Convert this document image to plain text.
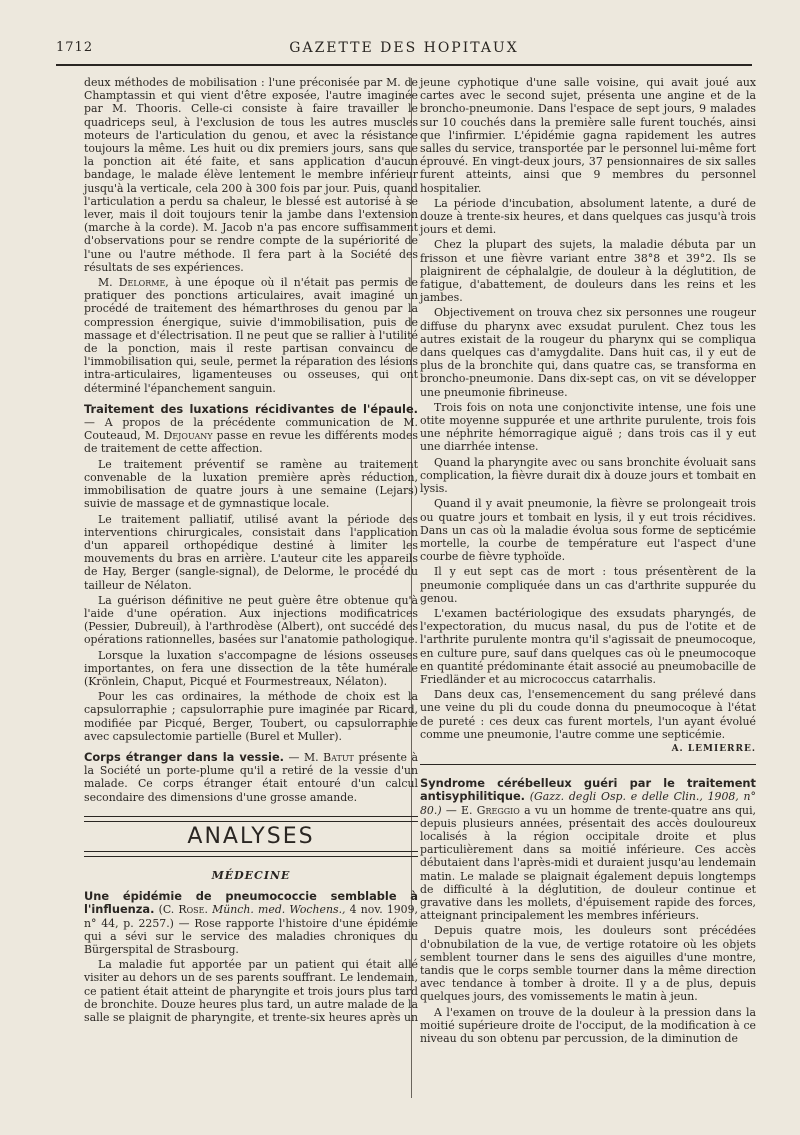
1712	GAZETTE DES HOPITAUX

deux méthodes de mobilisation : l'une préconisée par M. de Champtassin et qui vient d'être exposée, l'autre imaginée par M. Thooris. Celle-ci consiste à faire travailler le quadriceps seul, à l'exclusion de tous les autres muscles moteurs de l'articulation du genou, et avec la résistance toujours la même. Les huit ou dix premiers jours, sans que la ponction ait été faite, et sans application d'aucun bandage, le malade élève lentement le membre inférieur jusqu'à la verticale, cela 200 à 300 fois par jour. Puis, quand l'articulation a perdu sa chaleur, le blessé est autorisé à se lever, mais il doit toujours tenir la jambe dans l'extension (marche à la corde). M. Jacob n'a pas encore suffisamment d'observations pour se rendre compte de la supériorité de l'une ou l'autre méthode. Il fera part à la Société des résultats de ses expériences.

M. Delorme, à une époque où il n'était pas permis de pratiquer des ponctions articulaires, avait imaginé un procédé de traitement des hémarthroses du genou par la compression énergique, suivie d'immobilisation, puis de massage et d'électrisation. Il ne peut que se rallier à l'utilité de la ponction, mais il reste partisan convaincu de l'immobilisation qui, seule, permet la réparation des lésions intra-articulaires, ligamenteuses ou osseuses, qui ont déterminé l'épanchement sanguin.

Traitement des luxations récidivantes de l'épaule. — A propos de la précédente communication de M. Couteaud, M. Dejouany passe en revue les différents modes de traitement de cette affection.

Le traitement préventif se ramène au traitement convenable de la luxation première après réduction, immobilisation de quatre jours à une semaine (Lejars) suivie de massage et de gymnastique locale.

Le traitement palliatif, utilisé avant la période des interventions chirurgicales, consistait dans l'application d'un appareil orthopédique destiné à limiter les mouvements du bras en arrière. L'auteur cite les appareils de Hay, Berger (sangle-signal), de Delorme, le procédé du tailleur de Nélaton.

La guérison définitive ne peut guère être obtenue qu'à l'aide d'une opération. Aux injections modificatrices (Pessier, Dubreuil), à l'arthrodèse (Albert), ont succédé des opérations rationnelles, basées sur l'anatomie pathologique.

Lorsque la luxation s'accompagne de lésions osseuses importantes, on fera une dissection de la tête humérale (Krönlein, Chaput, Picqué et Fourmestreaux, Nélaton).

Pour les cas ordinaires, la méthode de choix est la capsulorraphie ; capsulorraphie pure imaginée par Ricard, modifiée par Picqué, Berger, Toubert, ou capsulorraphie avec capsulectomie partielle (Burel et Muller).

Corps étranger dans la vessie. — M. Batut présente à la Société un porte-plume qu'il a retiré de la vessie d'un malade. Ce corps étranger était entouré d'un calcul secondaire des dimensions d'une grosse amande.

ANALYSES
MÉDECINE

Une épidémie de pneumococcie semblable à l'influenza. (C. Rose. Münch. med. Wochens., 4 nov. 1909, n° 44, p. 2257.) — Rose rapporte l'histoire d'une épidémie qui a sévi sur le service des maladies chroniques du Bürgerspital de Strasbourg.

La maladie fut apportée par un patient qui était allé visiter au dehors un de ses parents souffrant. Le lendemain, ce patient était atteint de pharyngite et trois jours plus tard de bronchite. Douze heures plus tard, un autre malade de la salle se plaignit de pharyngite, et trente-six heures après un

jeune cyphotique d'une salle voisine, qui avait joué aux cartes avec le second sujet, présenta une angine et de la broncho-pneumonie. Dans l'espace de sept jours, 9 malades sur 10 couchés dans la première salle furent touchés, ainsi que l'infirmier. L'épidémie gagna rapidement les autres salles du service, transportée par le personnel lui-même fort éprouvé. En vingt-deux jours, 37 pensionnaires de six salles furent atteints, ainsi que 9 membres du personnel hospitalier.

La période d'incubation, absolument latente, a duré de douze à trente-six heures, et dans quelques cas jusqu'à trois jours et demi.

Chez la plupart des sujets, la maladie débuta par un frisson et une fièvre variant entre 38°8 et 39°2. Ils se plaignirent de céphalalgie, de douleur à la déglutition, de fatigue, d'abattement, de douleurs dans les reins et les jambes.

Objectivement on trouva chez six personnes une rougeur diffuse du pharynx avec exsudat purulent. Chez tous les autres existait de la rougeur du pharynx qui se compliqua dans quelques cas d'amygdalite. Dans huit cas, il y eut de plus de la bronchite qui, dans quatre cas, se transforma en broncho-pneumonie. Dans dix-sept cas, on vit se développer une pneumonie fibrineuse.

Trois fois on nota une conjonctivite intense, une fois une otite moyenne suppurée et une arthrite purulente, trois fois une néphrite hémorragique aiguë ; dans trois cas il y eut une diarrhée intense.

Quand la pharyngite avec ou sans bronchite évoluait sans complication, la fièvre durait dix à douze jours et tombait en lysis.

Quand il y avait pneumonie, la fièvre se prolongeait trois ou quatre jours et tombait en lysis, il y eut trois récidives. Dans un cas où la maladie évolua sous forme de septicémie mortelle, la courbe de température eut l'aspect d'une courbe de fièvre typhoïde.

Il y eut sept cas de mort : tous présentèrent de la pneumonie compliquée dans un cas d'arthrite suppurée du genou.

L'examen bactériologique des exsudats pharyngés, de l'expectoration, du mucus nasal, du pus de l'otite et de l'arthrite purulente montra qu'il s'agissait de pneumocoque, en culture pure, sauf dans quelques cas où le pneumocoque en quantité prédominante était associé au pneumobacille de Friedländer et au micrococcus catarrhalis.

Dans deux cas, l'ensemencement du sang prélevé dans une veine du pli du coude donna du pneumocoque à l'état de pureté : ces deux cas furent mortels, l'un ayant évolué comme une pneumonie, l'autre comme une septicémie.

A. LEMIERRE.

Syndrome cérébelleux guéri par le traitement antisyphilitique. (Gazz. degli Osp. e delle Clin., 1908, n° 80.) — E. Greggio a vu un homme de trente-quatre ans qui, depuis plusieurs années, présentait des accès douloureux localisés à la région occipitale droite et plus particulièrement dans sa moitié inférieure. Ces accès débutaient dans l'après-midi et duraient jusqu'au lendemain matin. Le malade se plaignait également depuis longtemps de difficulté à la déglutition, de douleur continue et gravative dans les mollets, d'épuisement rapide des forces, atteignant principalement les membres inférieurs.

Depuis quatre mois, les douleurs sont précédées d'obnubilation de la vue, de vertige rotatoire où les objets semblent tourner dans le sens des aiguilles d'une montre, tandis que le corps semble tourner dans la même direction avec tendance à tomber à droite. Il y a de plus, depuis quelques jours, des vomissements le matin à jeun.

A l'examen on trouve de la douleur à la pression dans la moitié supérieure droite de l'occiput, de la modification à ce niveau du son obtenu par percussion, de la diminution de
